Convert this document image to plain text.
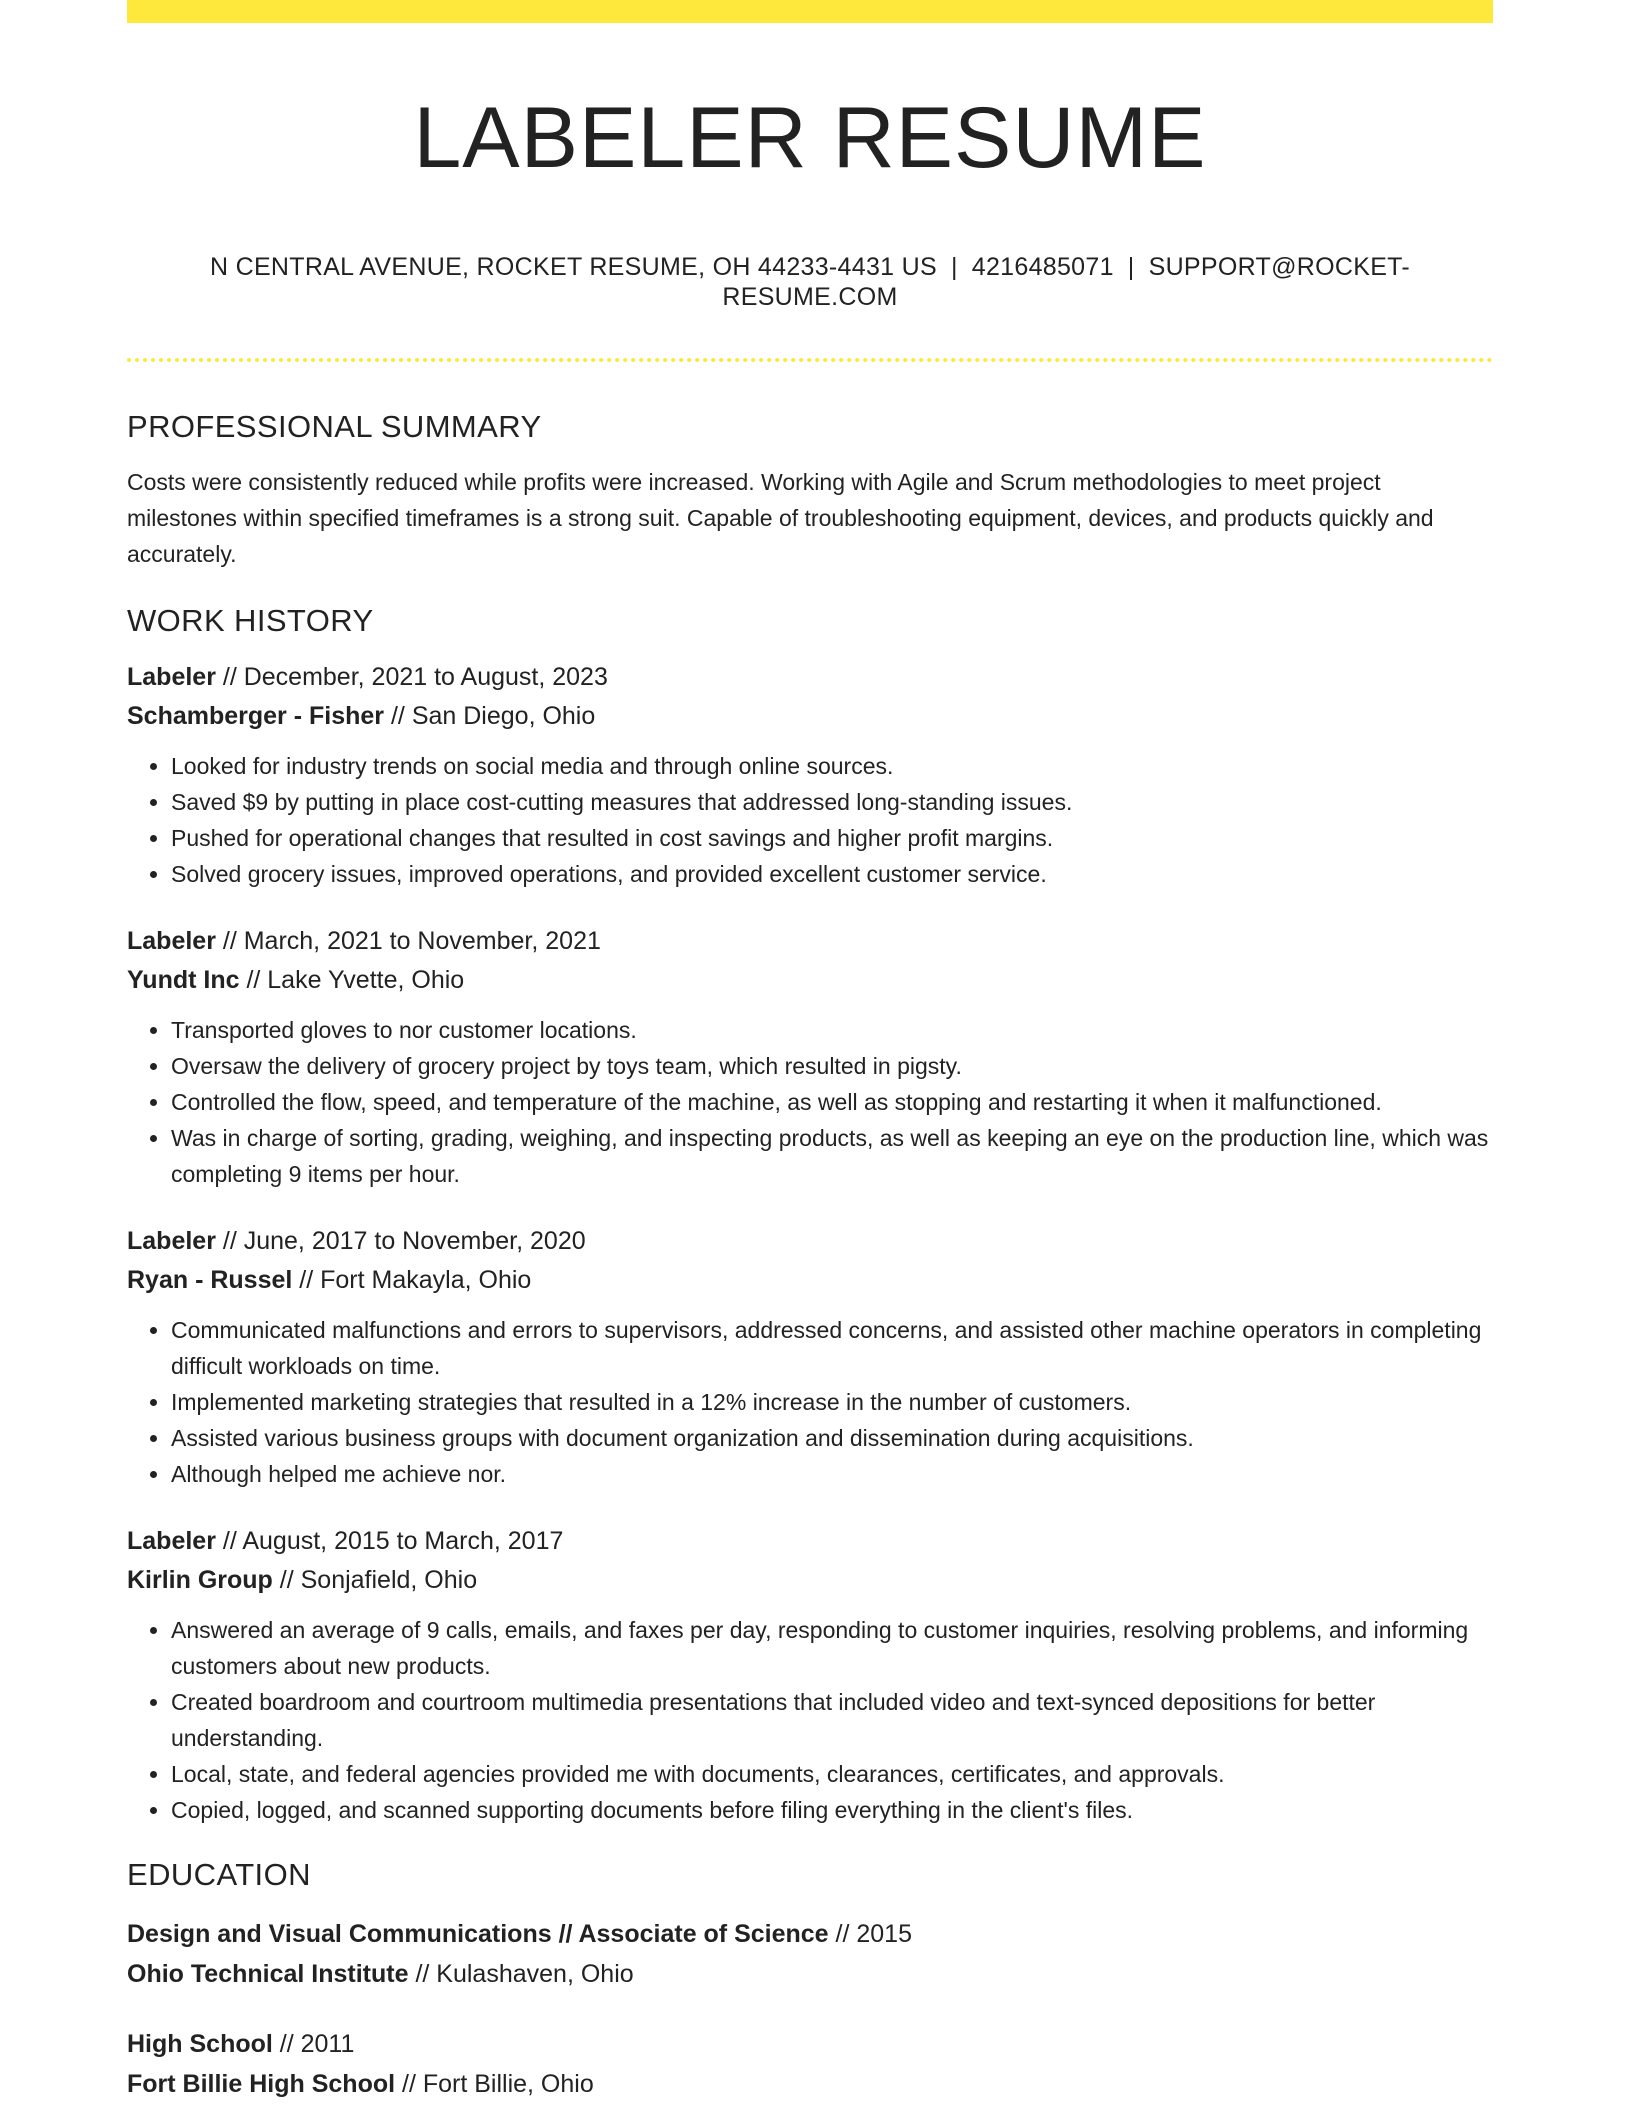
LABELER RESUME
N CENTRAL AVENUE, ROCKET RESUME, OH 44233-4431 US | 4216485071 | SUPPORT@ROCKET-RESUME.COM
PROFESSIONAL SUMMARY

Costs were consistently reduced while profits were increased. Working with Agile and Scrum methodologies to meet project milestones within specified timeframes is a strong suit. Capable of troubleshooting equipment, devices, and products quickly and accurately.

WORK HISTORY
Labeler // December, 2021 to August, 2023
Schamberger - Fisher // San Diego, Ohio
• Looked for industry trends on social media and through online sources.
• Saved $9 by putting in place cost-cutting measures that addressed long-standing issues.
• Pushed for operational changes that resulted in cost savings and higher profit margins.
• Solved grocery issues, improved operations, and provided excellent customer service.
Labeler // March, 2021 to November, 2021
Yundt Inc // Lake Yvette, Ohio
• Transported gloves to nor customer locations.
• Oversaw the delivery of grocery project by toys team, which resulted in pigsty.
• Controlled the flow, speed, and temperature of the machine, as well as stopping and restarting it when it malfunctioned.
• Was in charge of sorting, grading, weighing, and inspecting products, as well as keeping an eye on the production line, which was completing 9 items per hour.
Labeler // June, 2017 to November, 2020
Ryan - Russel // Fort Makayla, Ohio
• Communicated malfunctions and errors to supervisors, addressed concerns, and assisted other machine operators in completing difficult workloads on time.
• Implemented marketing strategies that resulted in a 12% increase in the number of customers.
• Assisted various business groups with document organization and dissemination during acquisitions.
• Although helped me achieve nor.
Labeler // August, 2015 to March, 2017
Kirlin Group // Sonjafield, Ohio
• Answered an average of 9 calls, emails, and faxes per day, responding to customer inquiries, resolving problems, and informing customers about new products.
• Created boardroom and courtroom multimedia presentations that included video and text-synced depositions for better understanding.
• Local, state, and federal agencies provided me with documents, clearances, certificates, and approvals.
• Copied, logged, and scanned supporting documents before filing everything in the client's files.
EDUCATION
Design and Visual Communications // Associate of Science // 2015
Ohio Technical Institute // Kulashaven, Ohio
High School // 2011
Fort Billie High School // Fort Billie, Ohio
